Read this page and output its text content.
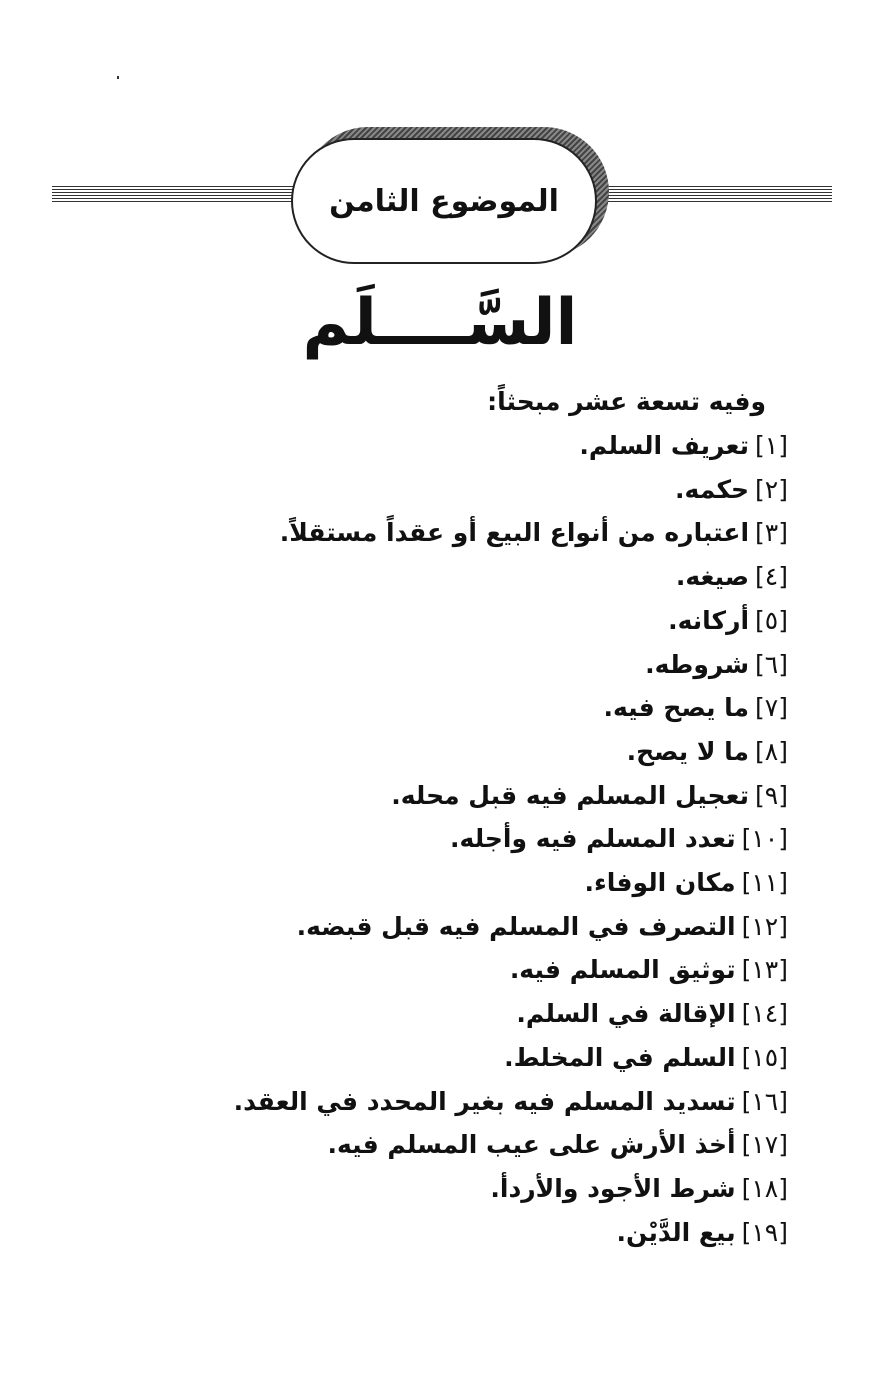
الموضوع الثامن
السَّــــلَم

وفيه تسعة عشر مبحثاً:

[١]تعريف السلم.
[٢]حكمه.
[٣]اعتباره من أنواع البيع أو عقداً مستقلاً.
[٤]صيغه.
[٥]أركانه.
[٦]شروطه.
[٧]ما يصح فيه.
[٨]ما لا يصح.
[٩]تعجيل المسلم فيه قبل محله.
[١٠]تعدد المسلم فيه وأجله.
[١١]مكان الوفاء.
[١٢]التصرف في المسلم فيه قبل قبضه.
[١٣]توثيق المسلم فيه.
[١٤]الإقالة في السلم.
[١٥]السلم في المخلط.
[١٦]تسديد المسلم فيه بغير المحدد في العقد.
[١٧]أخذ الأرش على عيب المسلم فيه.
[١٨]شرط الأجود والأردأ.
[١٩]بيع الدَّيْن.
